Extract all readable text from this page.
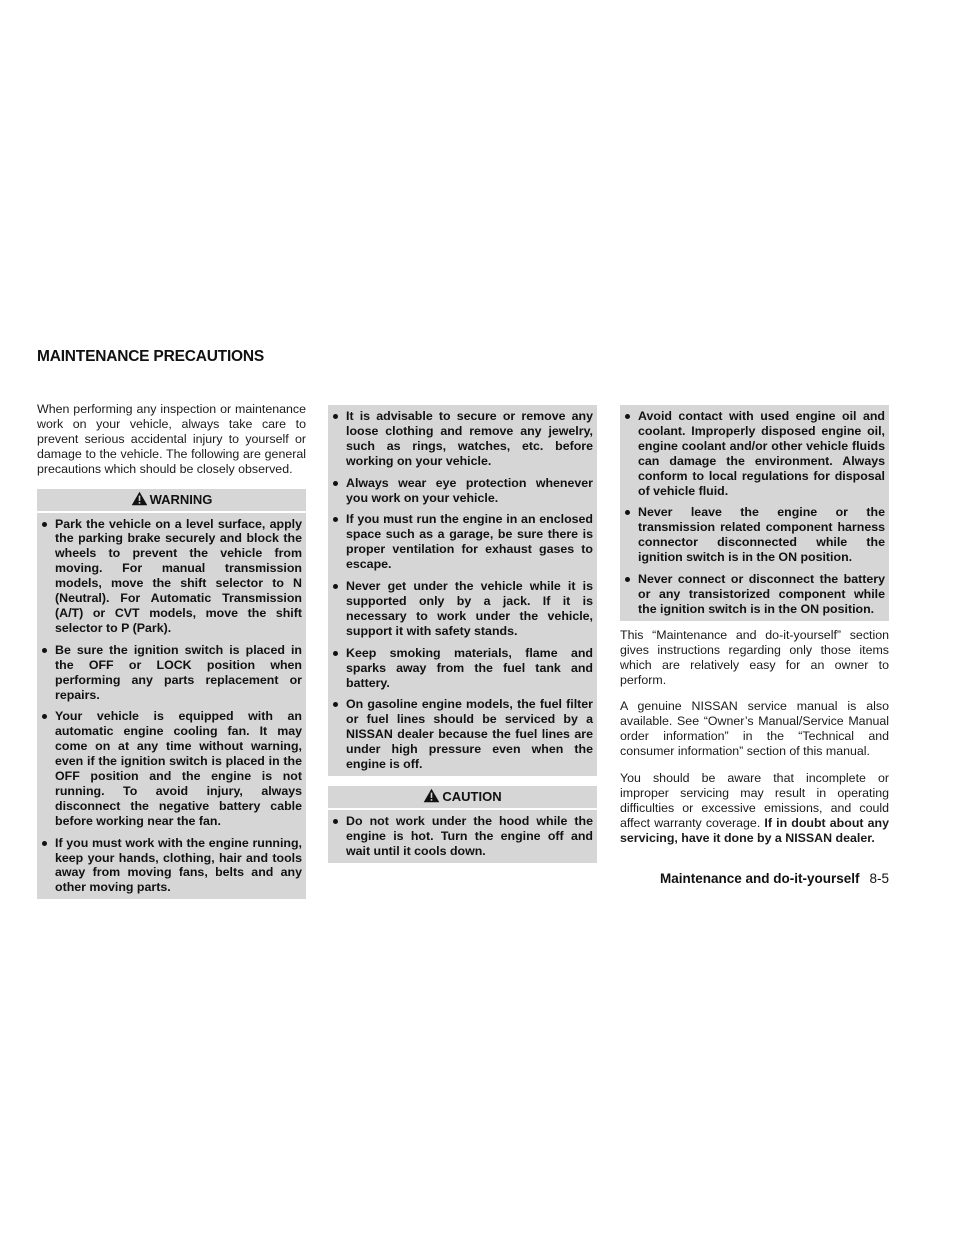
MAINTENANCE PRECAUTIONS

When performing any inspection or maintenance work on your vehicle, always take care to prevent serious accidental injury to yourself or damage to the vehicle. The following are general precautions which should be closely observed.

WARNING
Park the vehicle on a level surface, apply the parking brake securely and block the wheels to prevent the vehicle from moving. For manual transmission models, move the shift selector to N (Neutral). For Automatic Transmission (A/T) or CVT models, move the shift selector to P (Park).
Be sure the ignition switch is placed in the OFF or LOCK position when performing any parts replacement or repairs.
Your vehicle is equipped with an automatic engine cooling fan. It may come on at any time without warning, even if the ignition switch is placed in the OFF position and the engine is not running. To avoid injury, always disconnect the negative battery cable before working near the fan.
If you must work with the engine running, keep your hands, clothing, hair and tools away from moving fans, belts and any other moving parts.
It is advisable to secure or remove any loose clothing and remove any jewelry, such as rings, watches, etc. before working on your vehicle.
Always wear eye protection whenever you work on your vehicle.
If you must run the engine in an enclosed space such as a garage, be sure there is proper ventilation for exhaust gases to escape.
Never get under the vehicle while it is supported only by a jack. If it is necessary to work under the vehicle, support it with safety stands.
Keep smoking materials, flame and sparks away from the fuel tank and battery.
On gasoline engine models, the fuel filter or fuel lines should be serviced by a NISSAN dealer because the fuel lines are under high pressure even when the engine is off.
CAUTION
Do not work under the hood while the engine is hot. Turn the engine off and wait until it cools down.
Avoid contact with used engine oil and coolant. Improperly disposed engine oil, engine coolant and/or other vehicle fluids can damage the environment. Always conform to local regulations for disposal of vehicle fluid.
Never leave the engine or the transmission related component harness connector disconnected while the ignition switch is in the ON position.
Never connect or disconnect the battery or any transistorized component while the ignition switch is in the ON position.

This “Maintenance and do-it-yourself” section gives instructions regarding only those items which are relatively easy for an owner to perform.

A genuine NISSAN service manual is also available. See “Owner’s Manual/Service Manual order information” in the “Technical and consumer information” section of this manual.

You should be aware that incomplete or improper servicing may result in operating difficulties or excessive emissions, and could affect warranty coverage. If in doubt about any servicing, have it done by a NISSAN dealer.

Maintenance and do-it-yourself 8-5
